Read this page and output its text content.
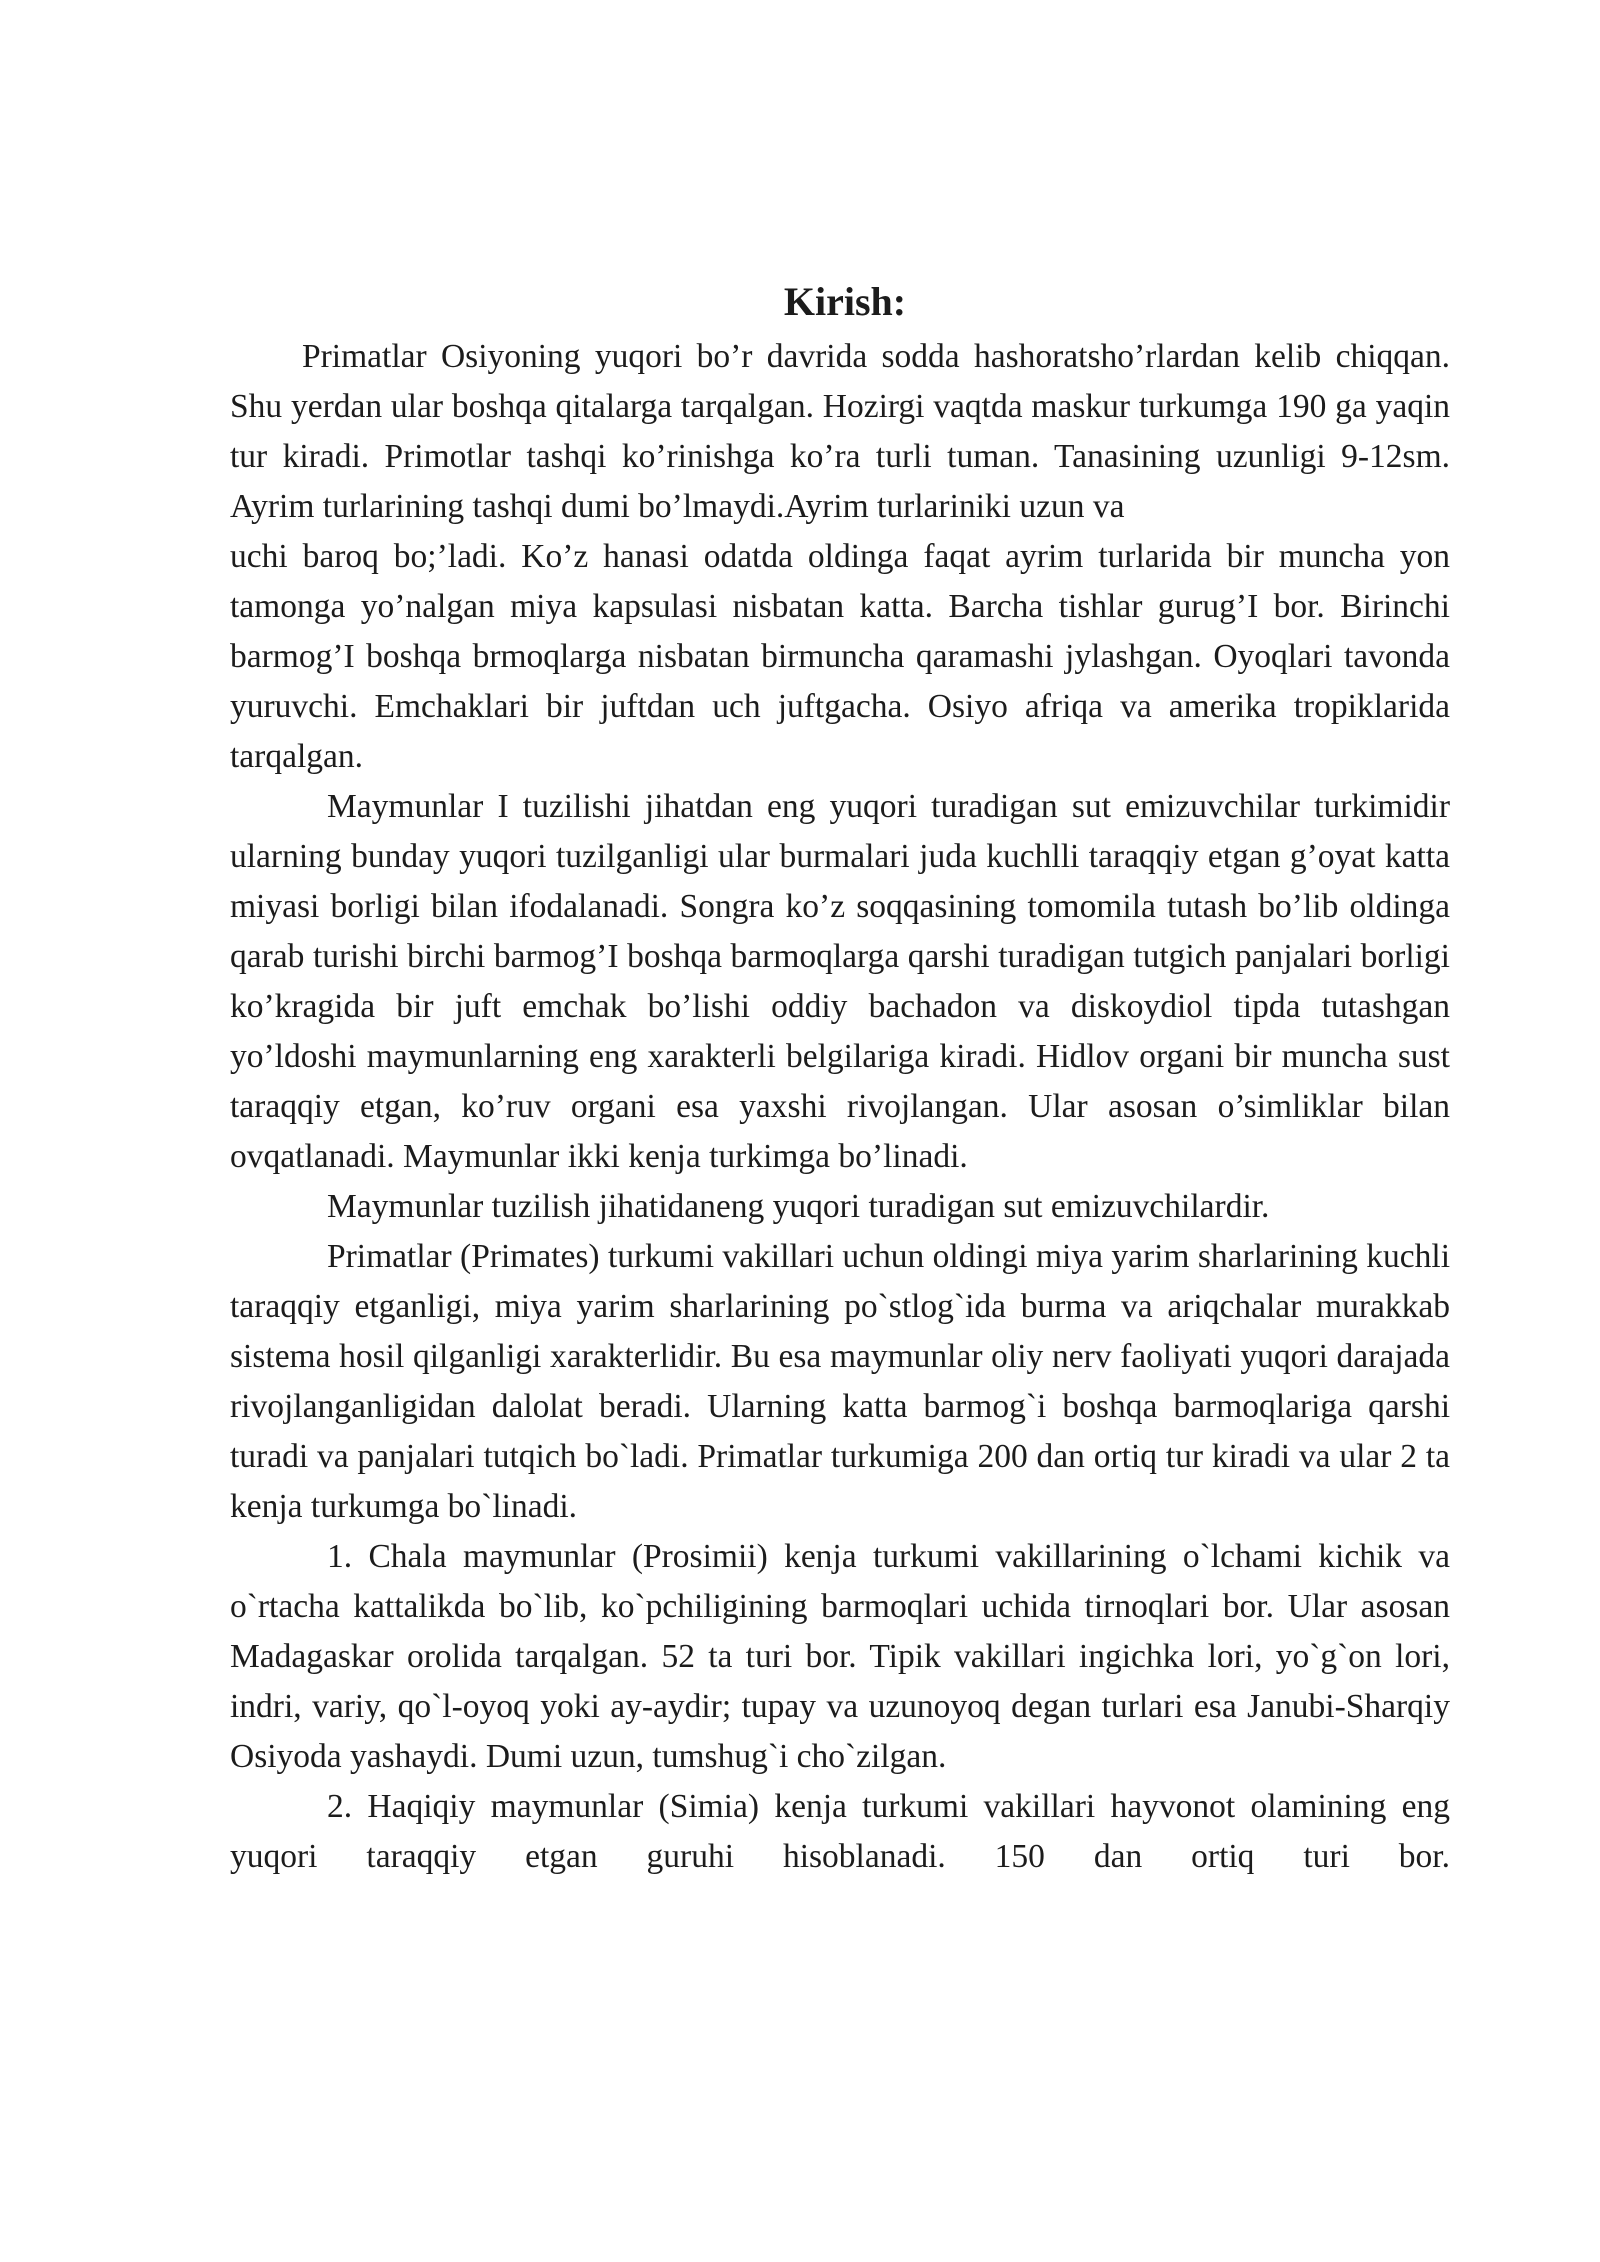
Kirish:

Primatlar Osiyoning yuqori bo’r davrida sodda hashoratsho’rlardan kelib chiqqan. Shu yerdan ular boshqa qitalarga tarqalgan. Hozirgi vaqtda maskur turkumga 190 ga yaqin tur kiradi. Primotlar tashqi ko’rinishga ko’ra turli tuman. Tanasining uzunligi 9-12sm. Ayrim turlarining tashqi dumi bo’lmaydi.Ayrim turlariniki uzun va

uchi baroq bo;’ladi. Ko’z hanasi odatda oldinga faqat ayrim turlarida bir muncha yon tamonga yo’nalgan miya kapsulasi nisbatan katta. Barcha tishlar gurug’I bor. Birinchi barmog’I boshqa brmoqlarga nisbatan birmuncha qaramashi jylashgan. Oyoqlari tavonda yuruvchi. Emchaklari bir juftdan uch juftgacha. Osiyo afriqa va amerika tropiklarida tarqalgan.

Maymunlar I tuzilishi jihatdan eng yuqori turadigan sut emizuvchilar turkimidir ularning bunday yuqori tuzilganligi ular burmalari juda kuchlli taraqqiy etgan g’oyat katta miyasi borligi bilan ifodalanadi. Songra ko’z soqqasining tomomila tutash bo’lib oldinga qarab turishi birchi barmog’I boshqa barmoqlarga qarshi turadigan tutgich panjalari borligi ko’kragida bir juft emchak bo’lishi oddiy bachadon va diskoydiol tipda tutashgan yo’ldoshi maymunlarning eng xarakterli belgilariga kiradi. Hidlov organi bir muncha sust taraqqiy etgan, ko’ruv organi esa yaxshi rivojlangan. Ular asosan o’simliklar bilan ovqatlanadi. Maymunlar ikki kenja turkimga bo’linadi.

Maymunlar tuzilish jihatidaneng yuqori turadigan sut emizuvchilardir.

Primatlar (Primates) turkumi vakillari uchun oldingi miya yarim sharlarining kuchli taraqqiy etganligi, miya yarim sharlarining po`stlog`ida burma va ariqchalar murakkab sistema hosil qilganligi xarakterlidir. Bu esa maymunlar oliy nerv faoliyati yuqori darajada rivojlanganligidan dalolat beradi. Ularning katta barmog`i boshqa barmoqlariga qarshi turadi va panjalari tutqich bo`ladi. Primatlar turkumiga 200 dan ortiq tur kiradi va ular 2 ta kenja turkumga bo`linadi.

1. Chala maymunlar (Prosimii) kenja turkumi vakillarining o`lchami kichik va o`rtacha kattalikda bo`lib, ko`pchiligining barmoqlari uchida tirnoqlari bor. Ular asosan Madagaskar orolida tarqalgan. 52 ta turi bor. Tipik vakillari ingichka lori, yo`g`on lori, indri, variy, qo`l-oyoq yoki ay-aydir; tupay va uzunoyoq degan turlari esa Janubi-Sharqiy Osiyoda yashaydi. Dumi uzun, tumshug`i cho`zilgan.

2. Haqiqiy maymunlar (Simia) kenja turkumi vakillari hayvonot olamining eng yuqori taraqqiy etgan guruhi hisoblanadi. 150 dan ortiq turi bor.
